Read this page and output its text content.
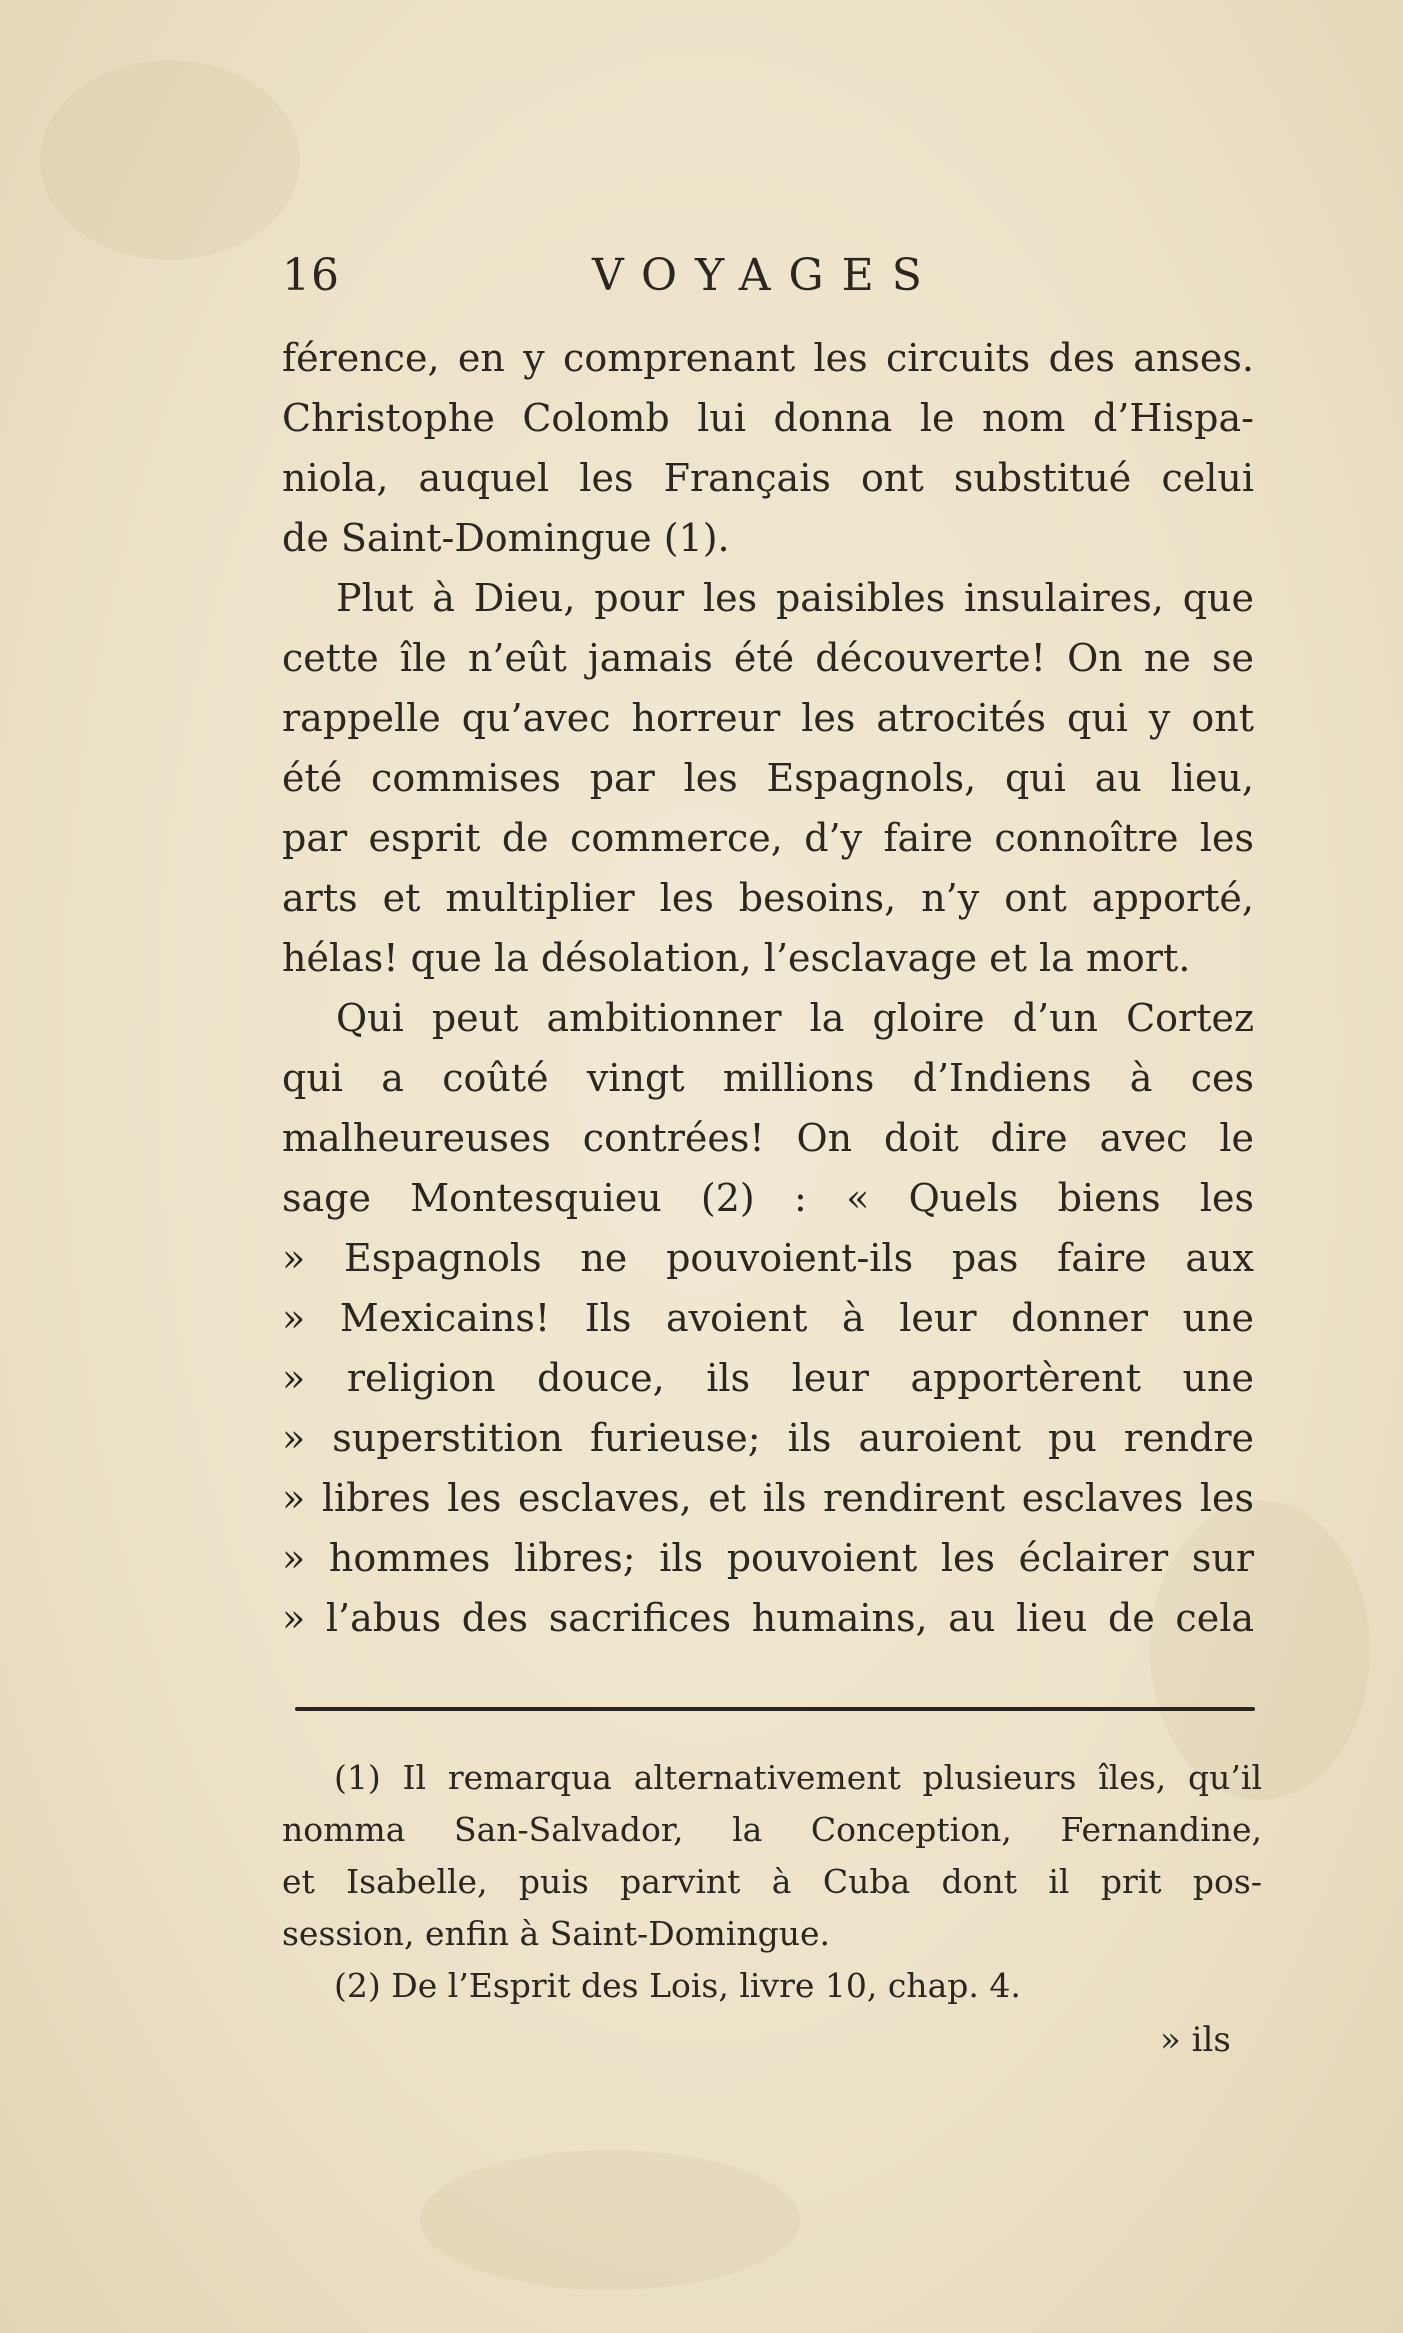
16	VOYAGES
férence, en y comprenant les circuits des anses.
Christophe Colomb lui donna le nom d’Hispa-
niola, auquel les Français ont substitué celui
de Saint-Domingue (1).
Plut à Dieu, pour les paisibles insulaires, que
cette île n’eût jamais été découverte! On ne se
rappelle qu’avec horreur les atrocités qui y ont
été commises par les Espagnols, qui au lieu,
par esprit de commerce, d’y faire connoître les
arts et multiplier les besoins, n’y ont apporté,
hélas! que la désolation, l’esclavage et la mort.
Qui peut ambitionner la gloire d’un Cortez
qui a coûté vingt millions d’Indiens à ces
malheureuses contrées! On doit dire avec le
sage Montesquieu (2) : « Quels biens les
» Espagnols ne pouvoient-ils pas faire aux
» Mexicains! Ils avoient à leur donner une
» religion douce, ils leur apportèrent une
» superstition furieuse; ils auroient pu rendre
» libres les esclaves, et ils rendirent esclaves les
» hommes libres; ils pouvoient les éclairer sur
» l’abus des sacrifices humains, au lieu de cela
(1) Il remarqua alternativement plusieurs îles, qu’il
nomma San-Salvador, la Conception, Fernandine,
et Isabelle, puis parvint à Cuba dont il prit pos-
session, enfin à Saint-Domingue.
(2) De l’Esprit des Lois, livre 10, chap. 4.
» ils
